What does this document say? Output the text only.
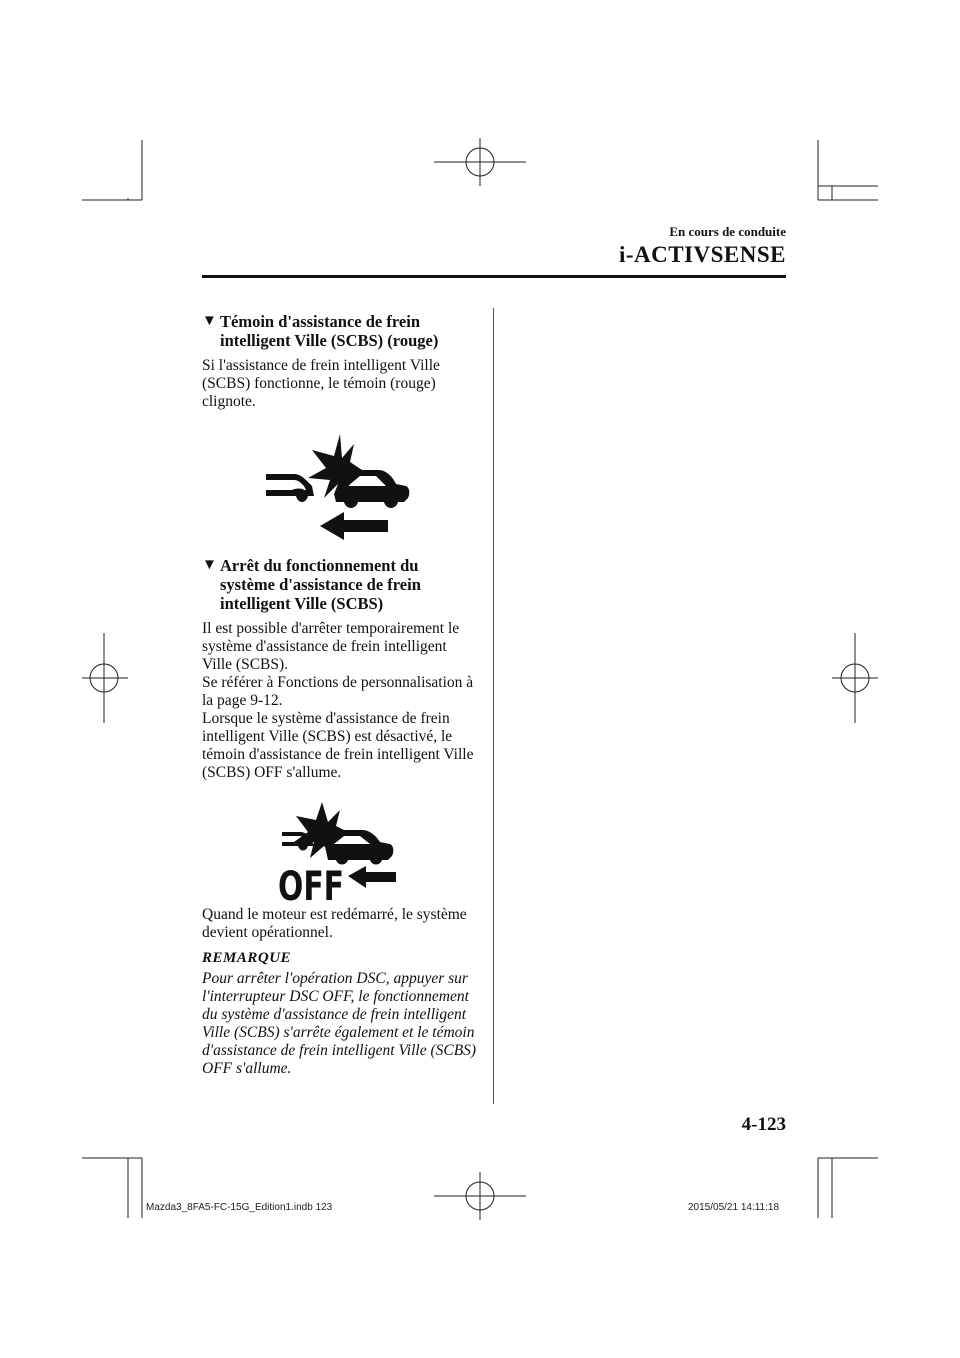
En cours de conduite
i-ACTIVSENSE
▼ Témoin d'assistance de frein intelligent Ville (SCBS) (rouge)

Si l'assistance de frein intelligent Ville (SCBS) fonctionne, le témoin (rouge) clignote.

▼ Arrêt du fonctionnement du système d'assistance de frein intelligent Ville (SCBS)

Il est possible d'arrêter temporairement le système d'assistance de frein intelligent Ville (SCBS).

Se référer à Fonctions de personnalisation à la page 9-12.

Lorsque le système d'assistance de frein intelligent Ville (SCBS) est désactivé, le témoin d'assistance de frein intelligent Ville (SCBS) OFF s'allume.

OFF

Quand le moteur est redémarré, le système devient opérationnel.

REMARQUE

Pour arrêter l'opération DSC, appuyer sur l'interrupteur DSC OFF, le fonctionnement du système d'assistance de frein intelligent Ville (SCBS) s'arrête également et le témoin d'assistance de frein intelligent Ville (SCBS) OFF s'allume.

4-123
Mazda3_8FA5-FC-15G_Edition1.indb 123	2015/05/21 14:11:18
